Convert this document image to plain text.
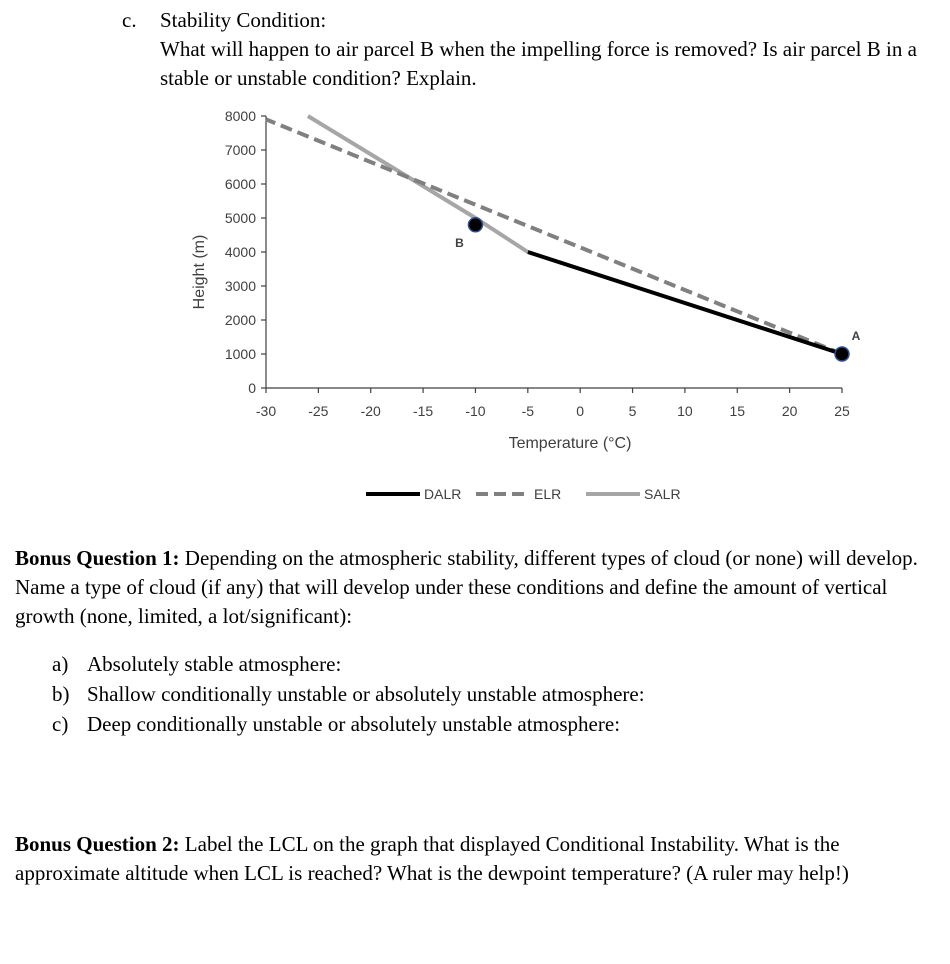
c. Stability Condition:
What will happen to air parcel B when the impelling force is removed? Is air parcel B in a stable or unstable condition? Explain.
0
1000
2000
3000
4000
5000
6000
7000
8000
-30 -25 -20 -15 -10	-5	0	5	10	15	20	25
Temperature (°C)
Height (m)
A
B
DALR	ELR	SALR
Bonus Question 1: Depending on the atmospheric stability, different types of cloud (or none) will develop. Name a type of cloud (if any) that will develop under these conditions and define the amount of vertical growth (none, limited, a lot/significant):
a) Absolutely stable atmosphere:
b) Shallow conditionally unstable or absolutely unstable atmosphere:
c) Deep conditionally unstable or absolutely unstable atmosphere:
Bonus Question 2: Label the LCL on the graph that displayed Conditional Instability. What is the approximate altitude when LCL is reached? What is the dewpoint temperature? (A ruler may help!)
